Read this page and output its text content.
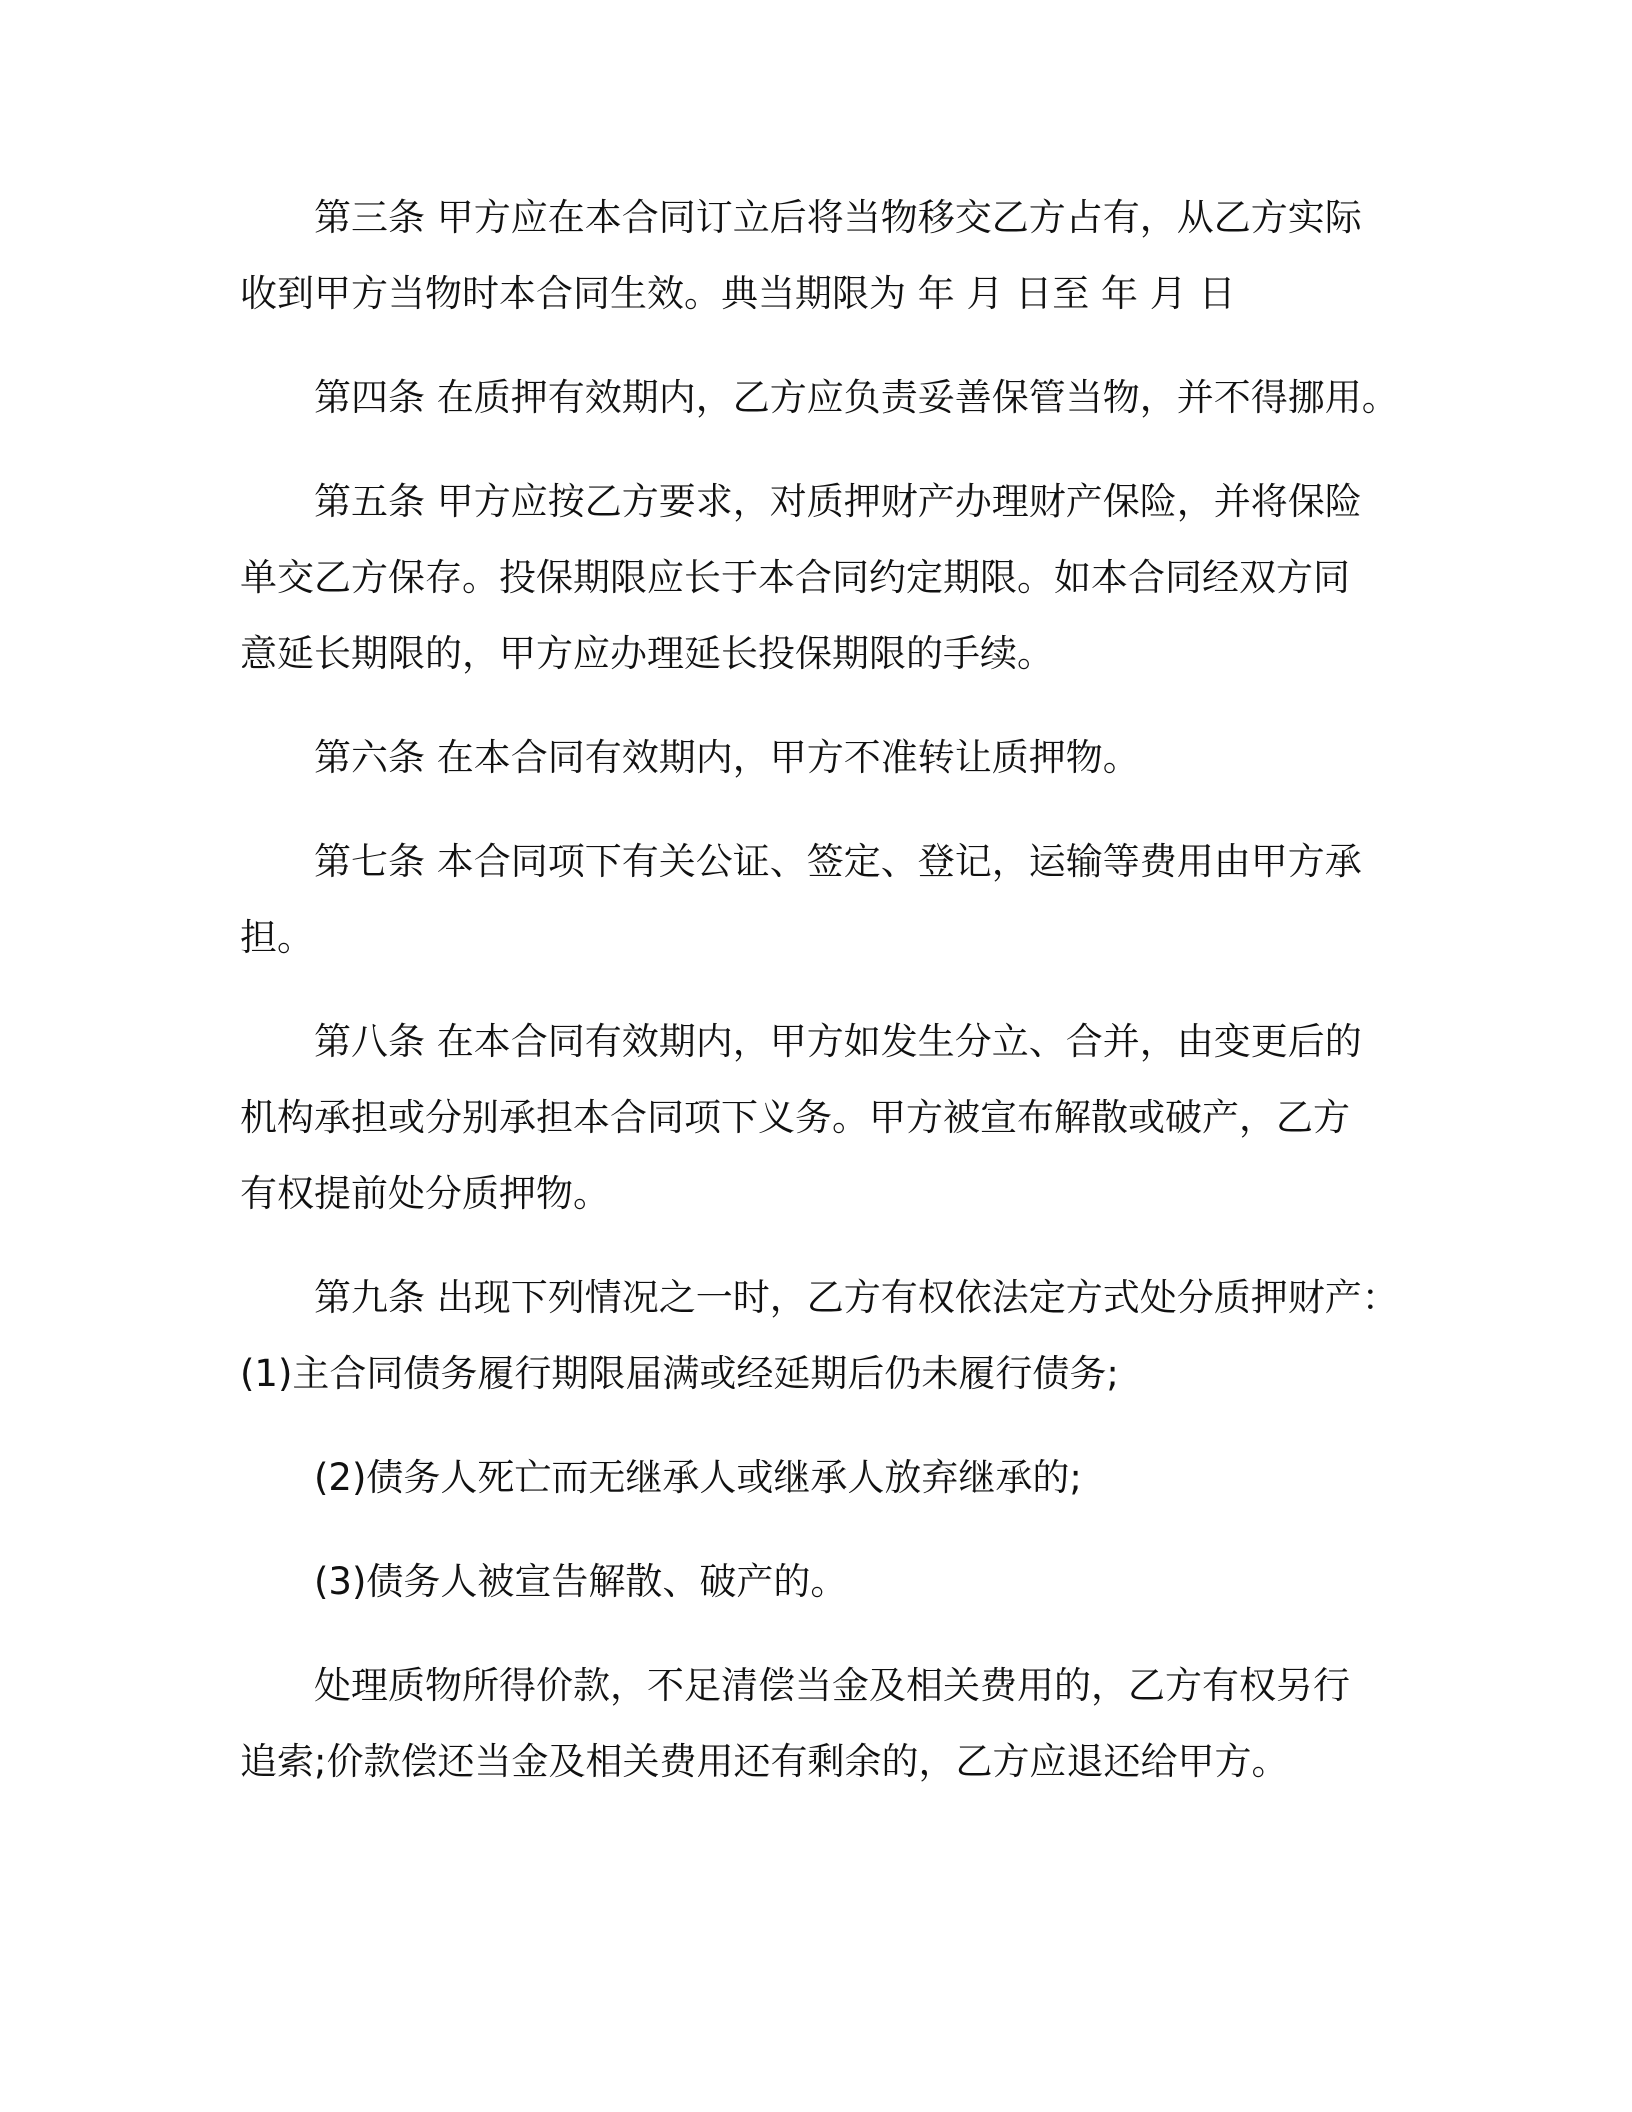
第三条 甲方应在本合同订立后将当物移交乙方占有，从乙方实际
收到甲方当物时本合同生效。典当期限为 年 月 日至 年 月 日

第四条 在质押有效期内，乙方应负责妥善保管当物，并不得挪用。

第五条 甲方应按乙方要求，对质押财产办理财产保险，并将保险
单交乙方保存。投保期限应长于本合同约定期限。如本合同经双方同
意延长期限的，甲方应办理延长投保期限的手续。

第六条 在本合同有效期内，甲方不准转让质押物。

第七条 本合同项下有关公证、签定、登记，运输等费用由甲方承
担。

第八条 在本合同有效期内，甲方如发生分立、合并，由变更后的
机构承担或分别承担本合同项下义务。甲方被宣布解散或破产，乙方
有权提前处分质押物。

第九条 出现下列情况之一时，乙方有权依法定方式处分质押财产：
(1)主合同债务履行期限届满或经延期后仍未履行债务;

(2)债务人死亡而无继承人或继承人放弃继承的;

(3)债务人被宣告解散、破产的。

处理质物所得价款，不足清偿当金及相关费用的，乙方有权另行
追索;价款偿还当金及相关费用还有剩余的，乙方应退还给甲方。
